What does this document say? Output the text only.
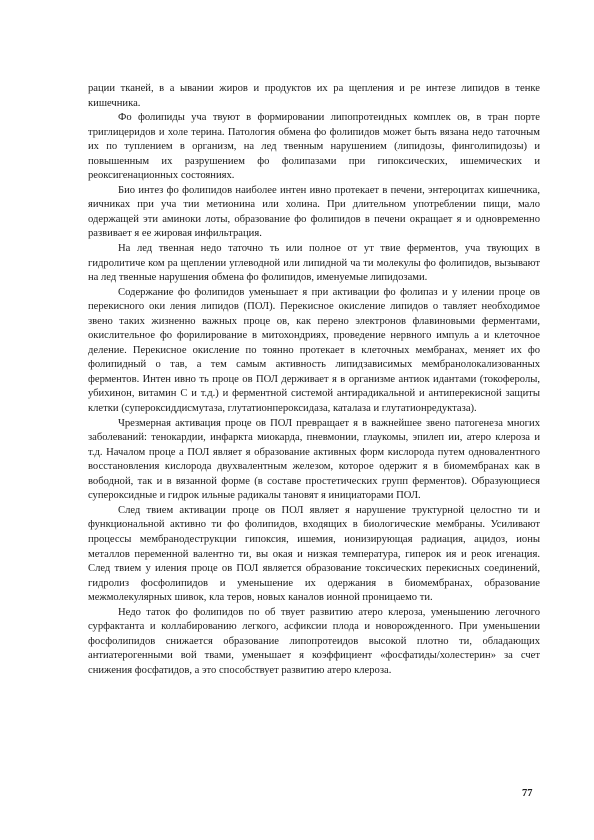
рации тканей, в а ывании жиров и продуктов их ра щепления и ре интезе липидов в тенке кишечника.

Фо фолипиды уча твуют в формировании липопротеидных комплек ов, в тран порте триглицеридов и холе терина. Патология обмена фо фолипидов может быть вязана недо таточным их по туплением в организм, на лед твенным нарушением (липидозы, финголипидозы) и повышенным их разрушением фо фолипазами при гипоксических, ишемических и реоксигенационных состояниях.

Био интез фо фолипидов наиболее интен ивно протекает в печени, энтероцитах кишечника, яичниках при уча тии метионина или холина. При длительном употреблении пищи, мало одержащей эти аминоки лоты, образование фо фолипидов в печени окращает я и одновременно развивает я ее жировая инфильтрация.

На лед твенная недо таточно ть или полное от ут твие ферментов, уча твующих в гидролитиче ком ра щеплении углеводной или липидной ча ти молекулы фо фолипидов, вызывают на лед твенные нарушения обмена фо фолипидов, именуемые липидозами.

Содержание фо фолипидов уменьшает я при активации фо фолипаз и у илении проце ов перекисного оки ления липидов (ПОЛ). Перекисное окисление липидов о тавляет необходимое звено таких жизненно важных проце ов, как перено электронов флавиновыми ферментами, окислительное фо форилирование в митохондриях, проведение нервного импуль а и клеточное деление. Перекисное окисление по тоянно протекает в клеточных мембранах, меняет их фо фолипидный о тав, а тем самым активность липидзависимых мембранолокализованных ферментов. Интен ивно ть проце ов ПОЛ держивает я в организме антиок идантами (токоферолы, убихинон, витамин С и т.д.) и ферментной системой антирадикальной и антиперекисной защиты клетки (супероксиддисмутаза, глутатионпероксидаза, каталаза и глутатионредуктаза).

Чрезмерная активация проце ов ПОЛ превращает я в важнейшее звено патогенеза многих заболеваний: тенокардии, инфаркта миокарда, пневмонии, глаукомы, эпилеп ии, атеро клероза и т.д. Началом проце а ПОЛ являет я образование активных форм кислорода путем одновалентного восстановления кислорода двухвалентным железом, которое одержит я в биомембранах как в вободной, так и в вязанной форме (в составе простетических групп ферментов). Образующиеся супероксидные и гидрок ильные радикалы тановят я инициаторами ПОЛ.

След твием активации проце ов ПОЛ являет я нарушение труктурной целостно ти и функциональной активно ти фо фолипидов, входящих в биологические мембраны. Усиливают процессы мембранодеструкции гипоксия, ишемия, ионизирующая радиация, ацидоз, ионы металлов переменной валентно ти, вы окая и низкая температура, гиперок ия и реок игенация. След твием у иления проце ов ПОЛ является образование токсических перекисных соединений, гидролиз фосфолипидов и уменьшение их одержания в биомембранах, образование межмолекулярных шивок, кла теров, новых каналов ионной проницаемо ти.

Недо таток фо фолипидов по об твует развитию атеро клероза, уменьшению легочного сурфактанта и коллабированию легкого, асфиксии плода и новорожденного. При уменьшении фосфолипидов снижается образование липопротеидов высокой плотно ти, обладающих антиатерогенными вой твами, уменьшает я коэффициент «фосфатиды/холестерин» за счет снижения фосфатидов, а это способствует развитию атеро клероза.

77
